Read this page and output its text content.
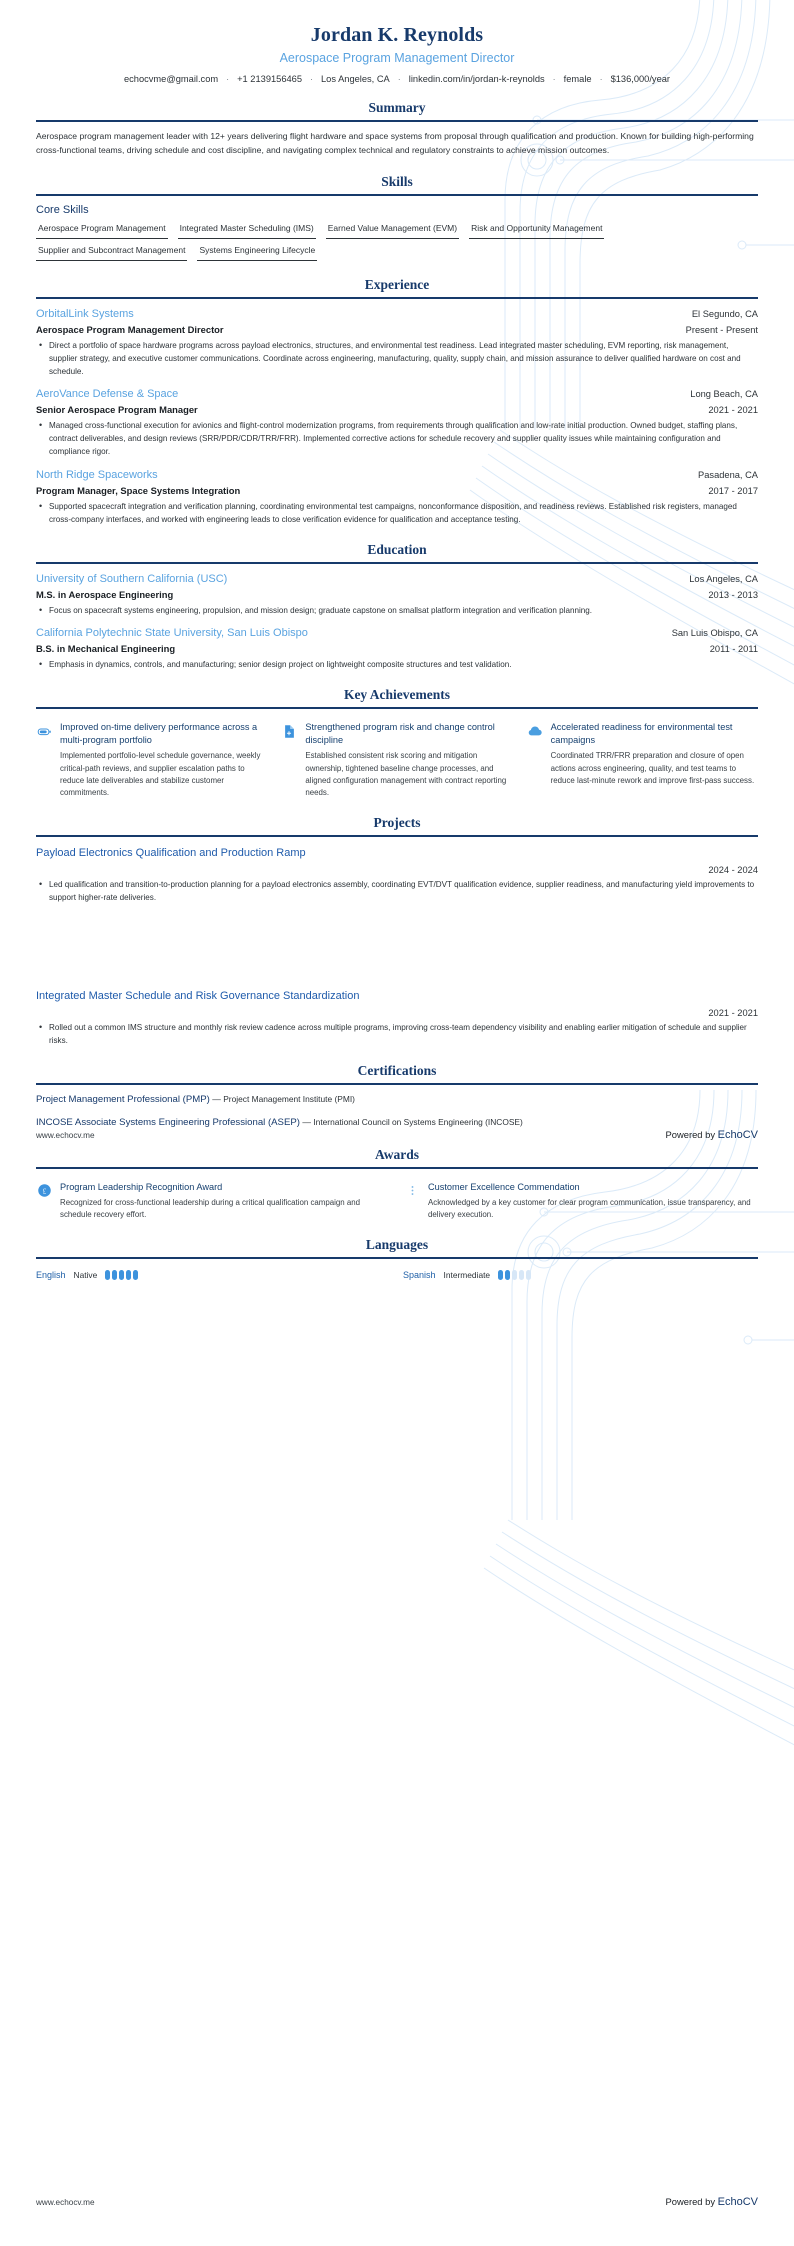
Jordan K. Reynolds
Aerospace Program Management Director
echocvme@gmail.com · +1 2139156465 · Los Angeles, CA · linkedin.com/in/jordan-k-reynolds · female · $136,000/year
Summary
Aerospace program management leader with 12+ years delivering flight hardware and space systems from proposal through qualification and production. Known for building high-performing cross-functional teams, driving schedule and cost discipline, and navigating complex technical and regulatory constraints to achieve mission outcomes.
Skills
Core Skills
Aerospace Program Management Integrated Master Scheduling (IMS) Earned Value Management (EVM) Risk and Opportunity Management
Supplier and Subcontract Management Systems Engineering Lifecycle
Experience
OrbitalLink Systems	El Segundo, CA
Aerospace Program Management Director	Present - Present
• Direct a portfolio of space hardware programs across payload electronics, structures, and environmental test readiness. Lead integrated master scheduling, EVM reporting, risk management, supplier strategy, and executive customer communications. Coordinate across engineering, manufacturing, quality, supply chain, and mission assurance to deliver qualified hardware on cost and schedule.
AeroVance Defense & Space	Long Beach, CA
Senior Aerospace Program Manager	2021 - 2021
• Managed cross-functional execution for avionics and flight-control modernization programs, from requirements through qualification and low-rate initial production. Owned budget, staffing plans, contract deliverables, and design reviews (SRR/PDR/CDR/TRR/FRR). Implemented corrective actions for schedule recovery and supplier quality issues while maintaining configuration and compliance rigor.
North Ridge Spaceworks	Pasadena, CA
Program Manager, Space Systems Integration	2017 - 2017
• Supported spacecraft integration and verification planning, coordinating environmental test campaigns, nonconformance disposition, and readiness reviews. Established risk registers, managed cross-company interfaces, and worked with engineering leads to close verification evidence for qualification and acceptance testing.
Education
University of Southern California (USC)	Los Angeles, CA
M.S. in Aerospace Engineering	2013 - 2013
• Focus on spacecraft systems engineering, propulsion, and mission design; graduate capstone on smallsat platform integration and verification planning.
California Polytechnic State University, San Luis Obispo	San Luis Obispo, CA
B.S. in Mechanical Engineering	2011 - 2011
• Emphasis in dynamics, controls, and manufacturing; senior design project on lightweight composite structures and test validation.
Key Achievements
Improved on-time delivery performance across a multi-program portfolio
Implemented portfolio-level schedule governance, weekly critical-path reviews, and supplier escalation paths to reduce late deliverables and stabilize customer commitments.
Strengthened program risk and change control discipline
Established consistent risk scoring and mitigation ownership, tightened baseline change processes, and aligned configuration management with contract reporting needs.
Accelerated readiness for environmental test campaigns
Coordinated TRR/FRR preparation and closure of open actions across engineering, quality, and test teams to reduce last-minute rework and improve first-pass success.
Projects
Payload Electronics Qualification and Production Ramp
2024 - 2024
• Led qualification and transition-to-production planning for a payload electronics assembly, coordinating EVT/DVT qualification evidence, supplier readiness, and manufacturing yield improvements to support higher-rate deliveries.
Integrated Master Schedule and Risk Governance Standardization
2021 - 2021
• Rolled out a common IMS structure and monthly risk review cadence across multiple programs, improving cross-team dependency visibility and enabling earlier mitigation of schedule and supplier risks.
Certifications
Project Management Professional (PMP) — Project Management Institute (PMI)
INCOSE Associate Systems Engineering Professional (ASEP) — International Council on Systems Engineering (INCOSE)
Awards
£
Program Leadership Recognition Award
Recognized for cross-functional leadership during a critical qualification campaign and schedule recovery effort.
Customer Excellence Commendation
Acknowledged by a key customer for clear program communication, issue transparency, and delivery execution.
Languages
English Native	Spanish Intermediate
www.echocv.me	Powered by EchoCV
www.echocv.me	Powered by EchoCV
